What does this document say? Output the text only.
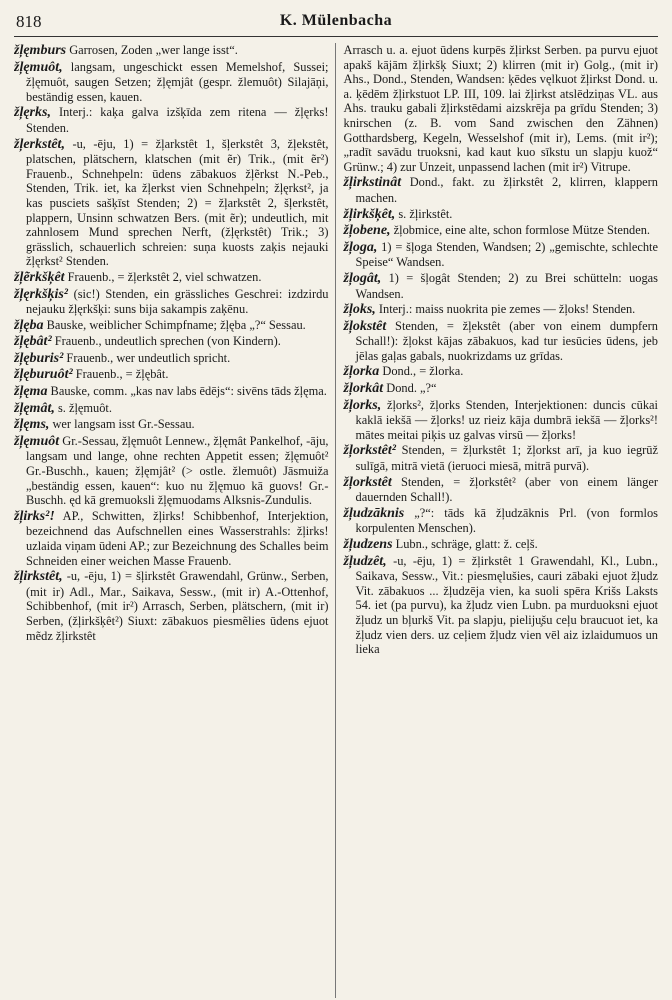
818	K. Mülenbacha

žļęmburs Garrosen, Zoden „wer lange isst“.

žļęmuôt, langsam, ungeschickt essen Memelshof, Sussei; žļęmuôt, saugen Setzen; žļęmjât (gespr. žlemuôt) Silajāņi, beständig essen, kauen.

žļęrks, Interj.: kaķa galva izšķīda zem ritena — žļęrks! Stenden.

žļerkstêt, -u, -ēju, 1) = žļarkstêt 1, šļerkstêt 3, žļekstêt, platschen, plätschern, klatschen (mit ẽr) Trik., (mit ẽr²) Frauenb., Schnehpeln: ūdens zābakuos žļẽrkst N.-Peb., Stenden, Trik. iet, ka žļerkst vien Schnehpeln; žļęrkst², ja kas pusciets sašķīst Stenden; 2) = žļarkstêt 2, šļerkstêt, plappern, Unsinn schwatzen Bers. (mit ẽr); undeutlich, mit zahnlosem Mund sprechen Nerft, (žļęrkstêt) Trik.; 3) grässlich, schauerlich schreien: suņa kuosts zaķis nejauki žļęrkst² Stenden.

žļẽrkšķêt Frauenb., = žļerkstêt 2, viel schwatzen.

žļęrkšķis² (sic!) Stenden, ein grässliches Geschrei: izdzirdu nejauku žļęrkšķi: suns bija sakampis zaķēnu.

žļęba Bauske, weiblicher Schimpfname; žļęba „?“ Sessau.

žļębât² Frauenb., undeutlich sprechen (von Kindern).

žļęburis² Frauenb., wer undeutlich spricht.

žļęburuôt² Frauenb., = žļębât.

žļęma Bauske, comm. „kas nav labs ēdējs“: sivēns tāds žļęma.

žļęmât, s. žļęmuôt.

žļęms, wer langsam isst Gr.-Sessau.

žļęmuôt Gr.-Sessau, žļęmuôt Lennew., žļęmât Pankelhof, -āju, langsam und lange, ohne rechten Appetit essen; žļęmuôt² Gr.-Buschh., kauen; žļęmjât² (> ostle. žlemuôt) Jāsmuiža „beständig essen, kauen“: kuo nu žļęmuo kā guovs! Gr.-Buschh. ęd kā gremuoksli žļęmuodams Alksnis-Zundulis.

žļirks²! AP., Schwitten, žļirks! Schibbenhof, Interjektion, bezeichnend das Aufschnellen eines Wasserstrahls: žļirks! uzlaida viņam ūdeni AP.; zur Bezeichnung des Schalles beim Schneiden einer weichen Masse Frauenb.

žļirkstêt, -u, -ēju, 1) = šļirkstêt Grawendahl, Grünw., Serben, (mit ir) Adl., Mar., Saikava, Sessw., (mit ir) A.-Ottenhof, Schibbenhof, (mit ir²) Arrasch, Serben, plätschern, (mit ir) Serben, (žļirkšķêt²) Siuxt: zābakuos piesmẽlies ūdens ejuot mẽdz žļirkstêt

Arrasch u. a. ejuot ūdens kurpēs žļirkst Serben. pa purvu ejuot apakš kājām žļirkšķ Siuxt; 2) klirren (mit ir) Golg., (mit ir) Ahs., Dond., Stenden, Wandsen: ķēdes vęlkuot žļirkst Dond. u. a. ķēdēm žļirkstuot LP. III, 109. lai žļirkst atslēdziņas VL. aus Ahs. trauku gabali žļirkstēdami aizskrēja pa grīdu Stenden; 3) knirschen (z. B. vom Sand zwischen den Zähnen) Gotthardsberg, Kegeln, Wesselshof (mit ir), Lems. (mit ir²); „radīt savādu truoksni, kad kaut kuo sīkstu un slapju kuož“ Grünw.; 4) zur Unzeit, unpassend lachen (mit ir²) Vitrupe.

žļirkstinât Dond., fakt. zu žļirkstêt 2, klirren, klappern machen.

žļirkšķêt, s. žļirkstêt.

žļobene, žļobmice, eine alte, schon formlose Mütze Stenden.

žļoga, 1) = šļoga Stenden, Wandsen; 2) „gemischte, schlechte Speise“ Wandsen.

žļogât, 1) = šļogât Stenden; 2) zu Brei schütteln: uogas Wandsen.

žļoks, Interj.: maiss nuokrita pie zemes — žļoks! Stenden.

žļokstêt Stenden, = žļekstêt (aber von einem dumpfern Schall!): žļokst kājas zābakuos, kad tur iesūcies ūdens, jeb jēlas gaļas gabals, nuokrizdams uz grīdas.

žļorka Dond., = žlorka.

žļorkât Dond. „?“

žļorks, žļorks², žļorks Stenden, Interjektionen: duncis cūkai kaklā iekšā — žļorks! uz rieiz kāja dumbrā iekšā — žļorks²! mātes meitai piķis uz galvas virsū — žļorks!

žļorkstêt² Stenden, = žļurkstêt 1; žļorkst arī, ja kuo iegrūž sulīgā, mitrā vietā (ieruoci miesā, mitrā purvā).

žļorkstêt Stenden, = žļorkstêt² (aber von einem länger dauernden Schall!).

žļudzāknis „?“: tāds kā žļudzāknis Prl. (von formlos korpulenten Menschen).

žļudzens Lubn., schräge, glatt: ž. ceļš.

žļudzêt, -u, -ēju, 1) = žļirkstêt 1 Grawendahl, Kl., Lubn., Saikava, Sessw., Vit.: piesmęlušies, cauri zābaki ejuot žļudz Vit. zābakuos ... žļudzēja vien, ka suoli spēra Krišs Laksts 54. iet (pa purvu), ka žļudz vien Lubn. pa murduoksni ejuot žļudz un bļurkš Vit. pa slapju, pieliju̧šu ceļu braucuot iet, ka žļudz vien ders. uz ceļiem žļudz vien vēl aiz izlaidumuos un lieka
